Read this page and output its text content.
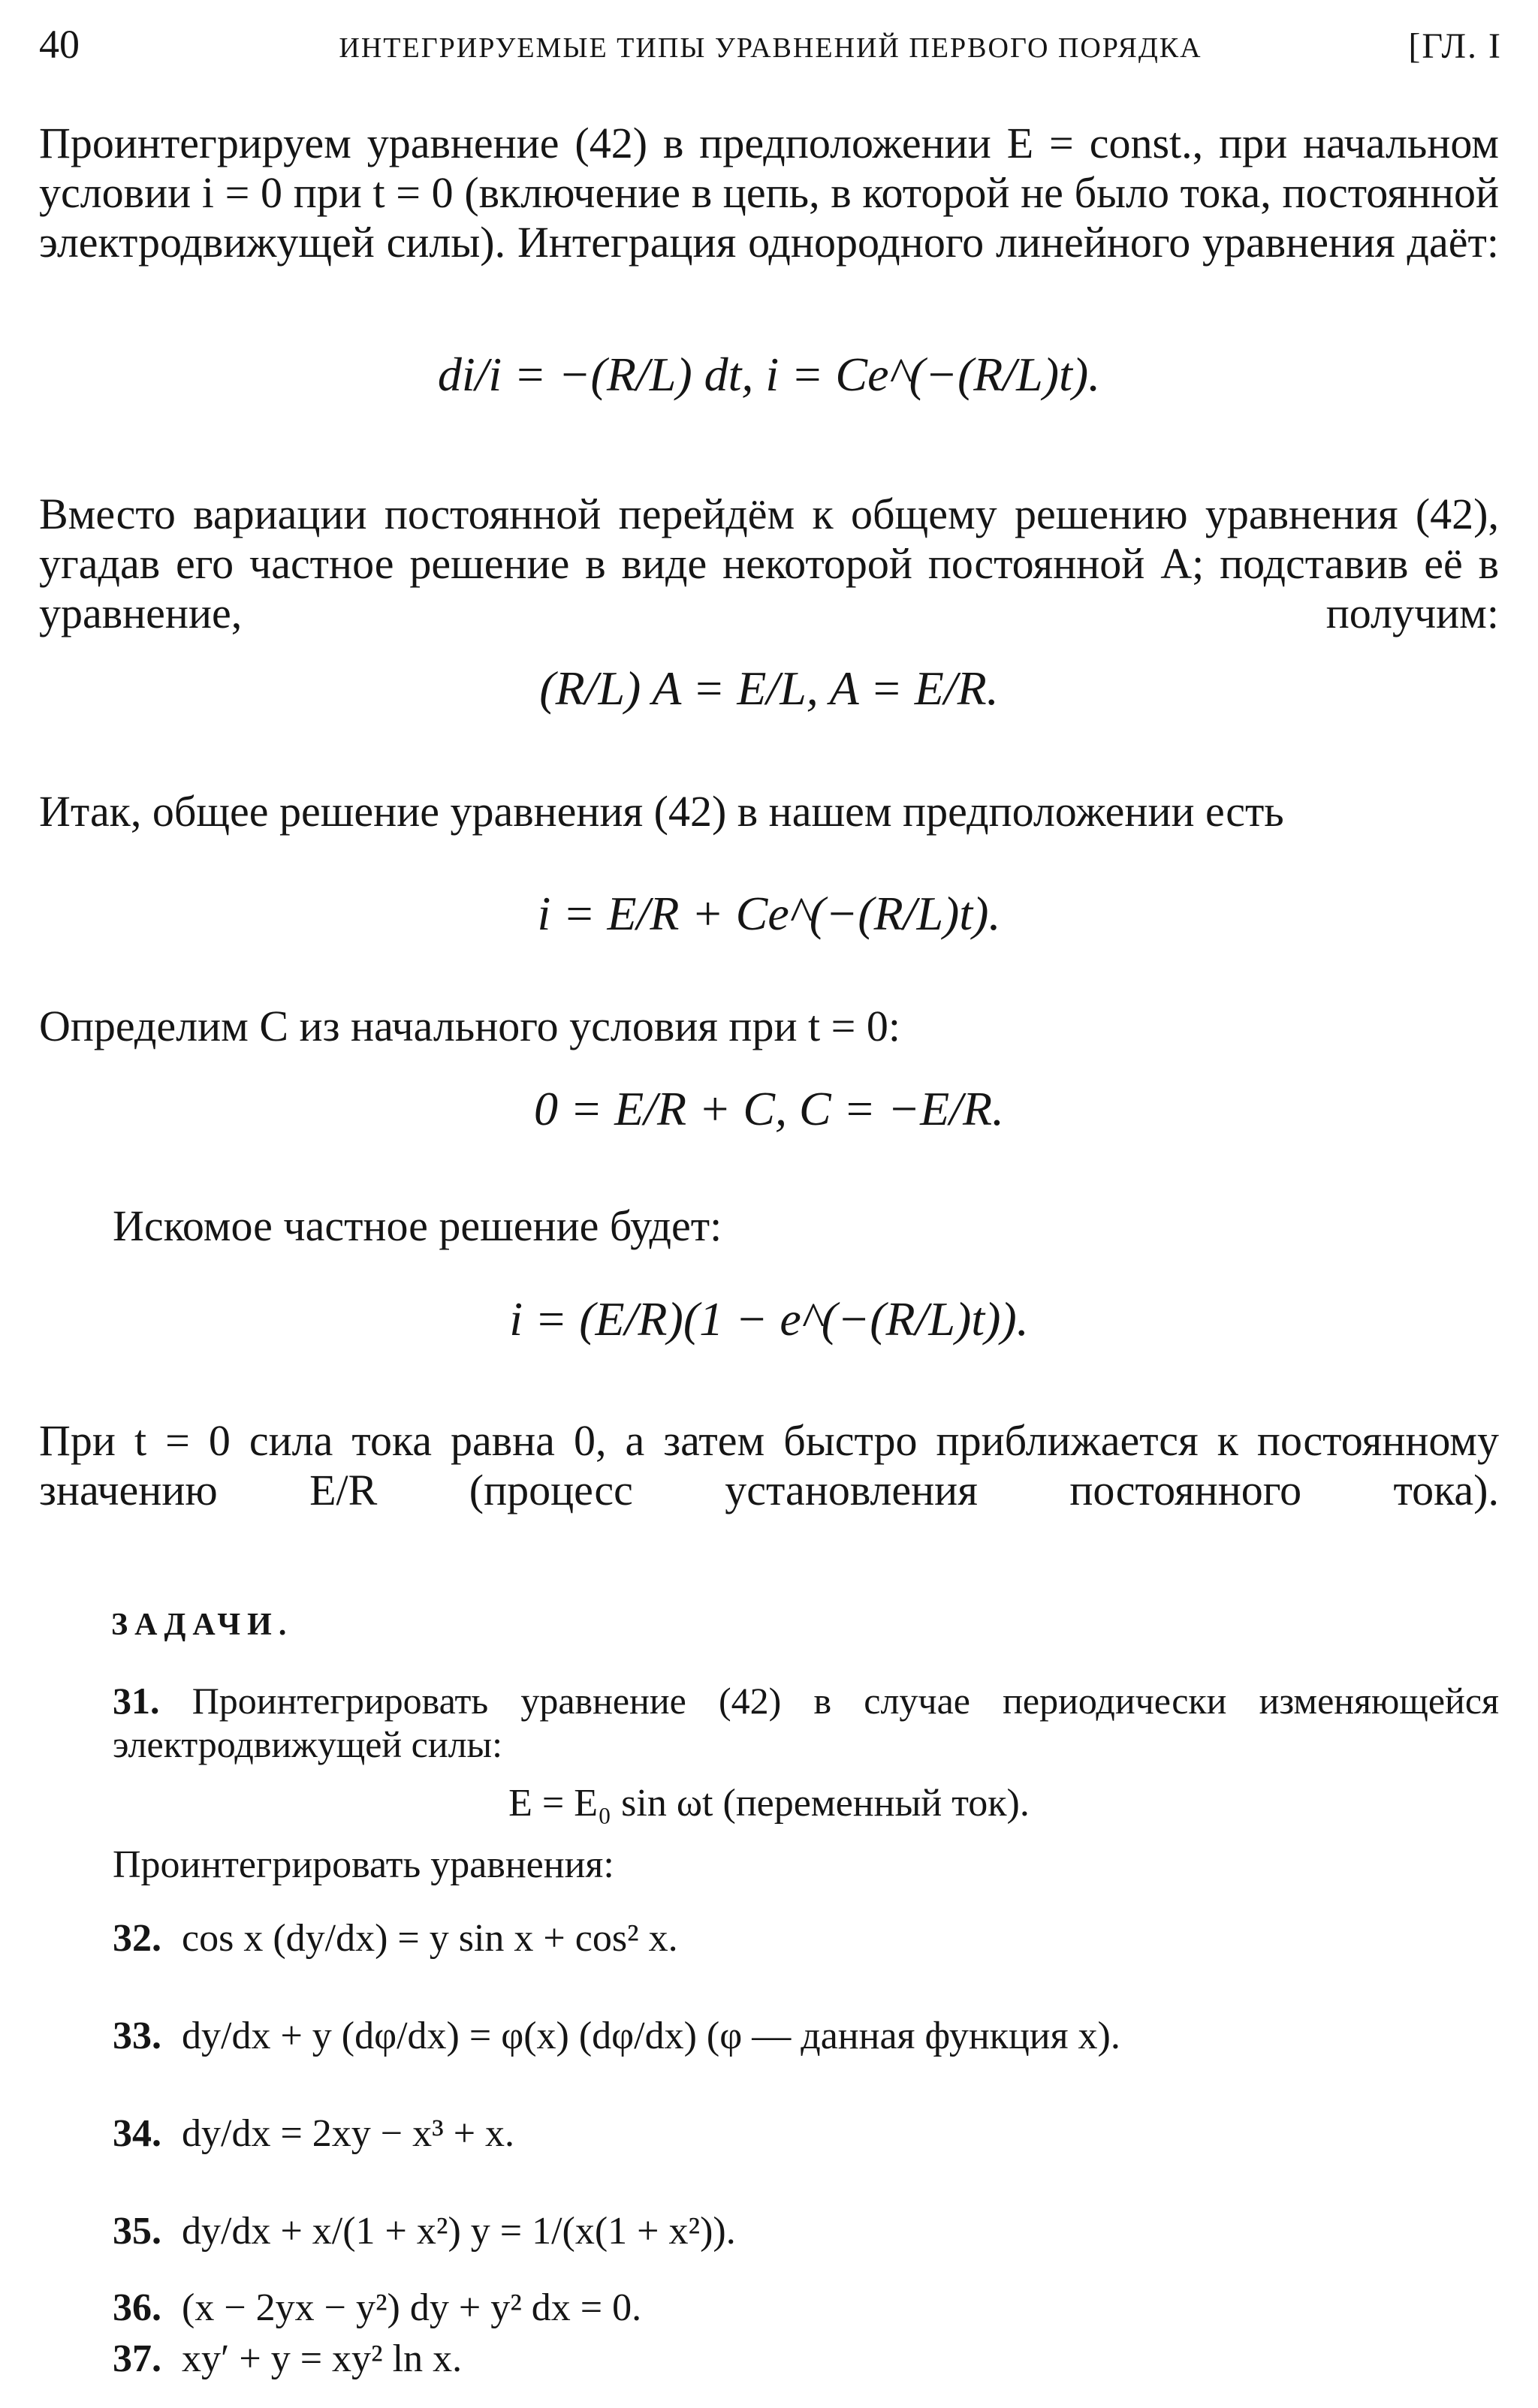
40	ИНТЕГРИРУЕМЫЕ ТИПЫ УРАВНЕНИЙ ПЕРВОГО ПОРЯДКА	[ГЛ. I
Проинтегрируем уравнение (42) в предположении E = const., при начальном условии i = 0 при t = 0 (включение в цепь, в которой не было тока, постоянной электродвижущей силы). Интеграция однородного линейного уравнения даёт:
di/i = −(R/L) dt, i = Ce^(−(R/L)t).
Вместо вариации постоянной перейдём к общему решению уравнения (42), угадав его частное решение в виде некоторой постоянной A; подставив её в уравнение, получим:
(R/L) A = E/L, A = E/R.
Итак, общее решение уравнения (42) в нашем предположении есть
i = E/R + Ce^(−(R/L)t).
Определим C из начального условия при t = 0:
0 = E/R + C, C = −E/R.
Искомое частное решение будет:
i = (E/R)(1 − e^(−(R/L)t)).
При t = 0 сила тока равна 0, а затем быстро приближается к постоянному значению E/R (процесс установления постоянного тока).
ЗАДАЧИ.
31. Проинтегрировать уравнение (42) в случае периодически изменяющейся электродвижущей силы:
E = E₀ sin ωt (переменный ток).
Проинтегрировать уравнения:
32. cos x (dy/dx) = y sin x + cos² x.
33. dy/dx + y (dφ/dx) = φ(x) (dφ/dx) (φ — данная функция x).
34. dy/dx = 2xy − x³ + x.
35. dy/dx + x/(1 + x²) y = 1/(x(1 + x²)).
36. (x − 2yx − y²) dy + y² dx = 0.
37. xy′ + y = xy² ln x.
